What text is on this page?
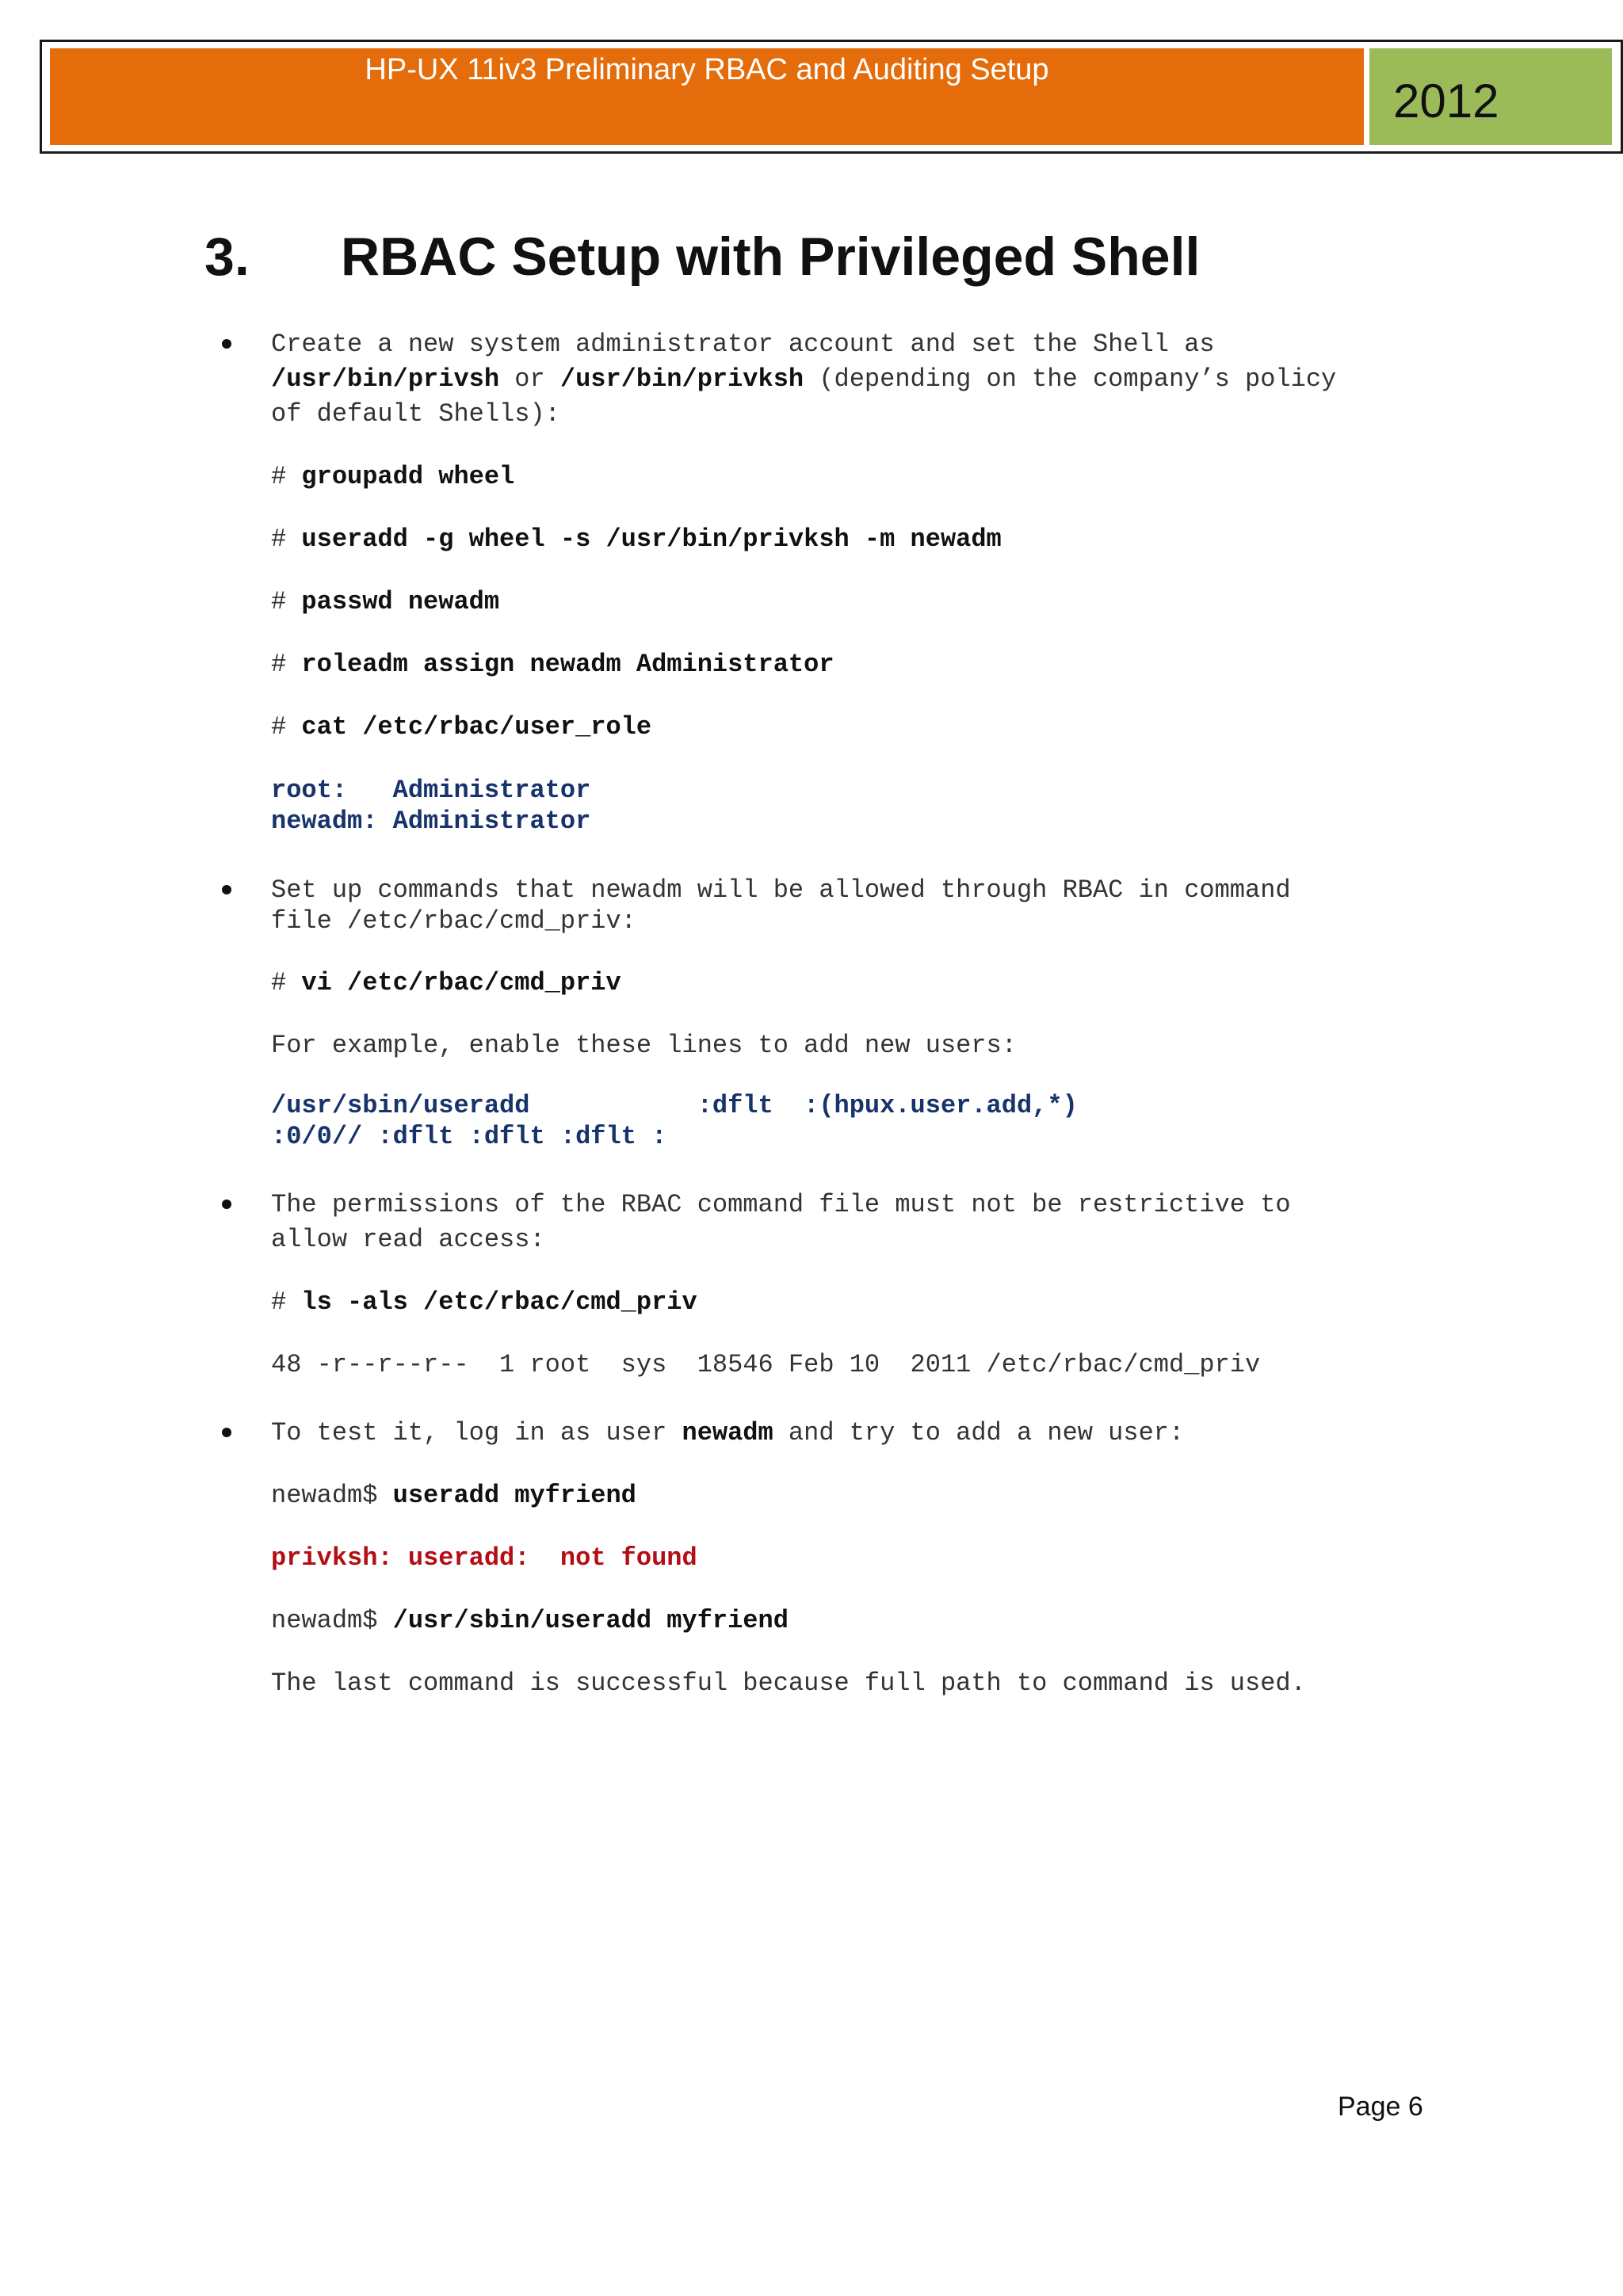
HP-UX 11iv3 Preliminary RBAC and Auditing Setup
2012
3. RBAC Setup with Privileged Shell
Create a new system administrator account and set the Shell as
/usr/bin/privsh or /usr/bin/privksh (depending on the company’s policy
of default Shells):
# groupadd wheel
# useradd -g wheel -s /usr/bin/privksh -m newadm
# passwd newadm
# roleadm assign newadm Administrator
# cat /etc/rbac/user_role
root:   Administrator
newadm: Administrator
Set up commands that newadm will be allowed through RBAC in command
file /etc/rbac/cmd_priv:
# vi /etc/rbac/cmd_priv
For example, enable these lines to add new users:
/usr/sbin/useradd           :dflt  :(hpux.user.add,*)
:0/0// :dflt :dflt :dflt :
The permissions of the RBAC command file must not be restrictive to
allow read access:
# ls -als /etc/rbac/cmd_priv
48 -r--r--r--  1 root  sys  18546 Feb 10  2011 /etc/rbac/cmd_priv
To test it, log in as user newadm and try to add a new user:
newadm$ useradd myfriend
privksh: useradd:  not found
newadm$ /usr/sbin/useradd myfriend
The last command is successful because full path to command is used.
Page 6
